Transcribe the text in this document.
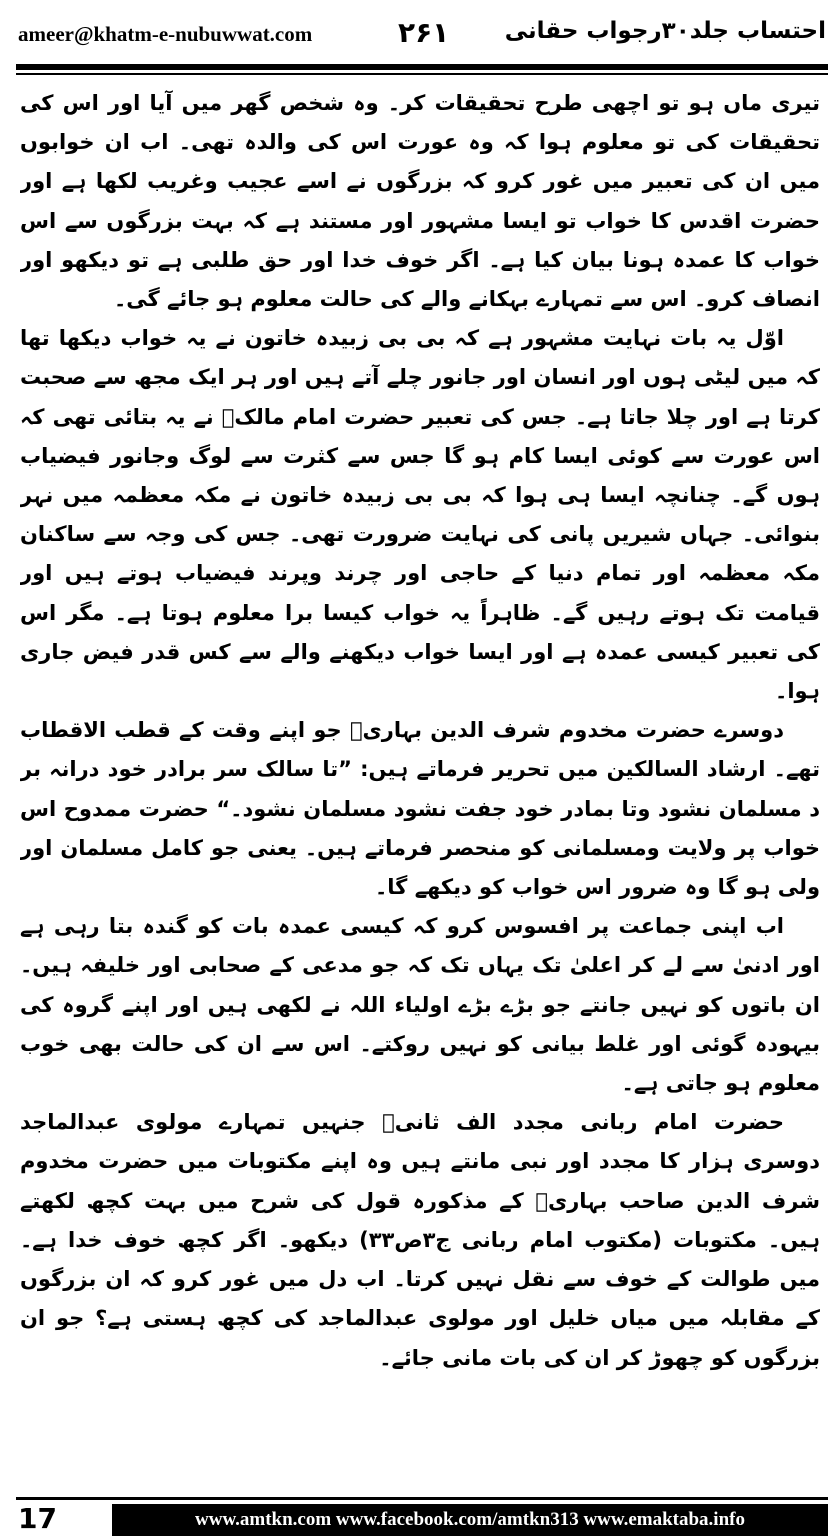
ameer@khatm-e-nubuwwat.com	۲۶۱ احتساب جلد۳۰رجواب حقانی

تیری ماں ہو تو اچھی طرح تحقیقات کر۔ وہ شخص گھر میں آیا اور اس کی تحقیقات کی تو معلوم ہوا کہ وہ عورت اس کی والدہ تھی۔ اب ان خوابوں میں ان کی تعبیر میں غور کرو کہ بزرگوں نے اسے عجیب وغریب لکھا ہے اور حضرت اقدس کا خواب تو ایسا مشہور اور مستند ہے کہ بہت بزرگوں سے اس خواب کا عمدہ ہونا بیان کیا ہے۔ اگر خوف خدا اور حق طلبی ہے تو دیکھو اور انصاف کرو۔ اس سے تمہارے بہکانے والے کی حالت معلوم ہو جائے گی۔

اوّل یہ بات نہایت مشہور ہے کہ بی بی زبیدہ خاتون نے یہ خواب دیکھا تھا کہ میں لیٹی ہوں اور انسان اور جانور چلے آتے ہیں اور ہر ایک مجھ سے صحبت کرتا ہے اور چلا جاتا ہے۔ جس کی تعبیر حضرت امام مالکؒ نے یہ بتائی تھی کہ اس عورت سے کوئی ایسا کام ہو گا جس سے کثرت سے لوگ وجانور فیضیاب ہوں گے۔ چنانچہ ایسا ہی ہوا کہ بی بی زبیدہ خاتون نے مکہ معظمہ میں نہر بنوائی۔ جہاں شیریں پانی کی نہایت ضرورت تھی۔ جس کی وجہ سے ساکنان مکہ معظمہ اور تمام دنیا کے حاجی اور چرند وپرند فیضیاب ہوتے ہیں اور قیامت تک ہوتے رہیں گے۔ ظاہراً یہ خواب کیسا برا معلوم ہوتا ہے۔ مگر اس کی تعبیر کیسی عمدہ ہے اور ایسا خواب دیکھنے والے سے کس قدر فیض جاری ہوا۔

دوسرے حضرت مخدوم شرف الدین بہاریؒ جو اپنے وقت کے قطب الاقطاب تھے۔ ارشاد السالکین میں تحریر فرماتے ہیں: ”تا سالک سر برادر خود درانہ بر د مسلمان نشود وتا بمادر خود جفت نشود مسلمان نشود۔“ حضرت ممدوح اس خواب پر ولایت ومسلمانی کو منحصر فرماتے ہیں۔ یعنی جو کامل مسلمان اور ولی ہو گا وہ ضرور اس خواب کو دیکھے گا۔

اب اپنی جماعت پر افسوس کرو کہ کیسی عمدہ بات کو گندہ بتا رہی ہے اور ادنیٰ سے لے کر اعلیٰ تک یہاں تک کہ جو مدعی کے صحابی اور خلیفہ ہیں۔ ان باتوں کو نہیں جانتے جو بڑے بڑے اولیاء اللہ نے لکھی ہیں اور اپنے گروہ کی بیہودہ گوئی اور غلط بیانی کو نہیں روکتے۔ اس سے ان کی حالت بھی خوب معلوم ہو جاتی ہے۔

حضرت امام ربانی مجدد الف ثانیؒ جنہیں تمہارے مولوی عبدالماجد دوسری ہزار کا مجدد اور نبی مانتے ہیں وہ اپنے مکتوبات میں حضرت مخدوم شرف الدین صاحب بہاریؒ کے مذکورہ قول کی شرح میں بہت کچھ لکھتے ہیں۔ مکتوبات (مکتوب امام ربانی ج۳ص۳۳) دیکھو۔ اگر کچھ خوف خدا ہے۔ میں طوالت کے خوف سے نقل نہیں کرتا۔ اب دل میں غور کرو کہ ان بزرگوں کے مقابلہ میں میاں خلیل اور مولوی عبدالماجد کی کچھ ہستی ہے؟ جو ان بزرگوں کو چھوڑ کر ان کی بات مانی جائے۔

17	www.amtkn.com www.facebook.com/amtkn313 www.emaktaba.info
